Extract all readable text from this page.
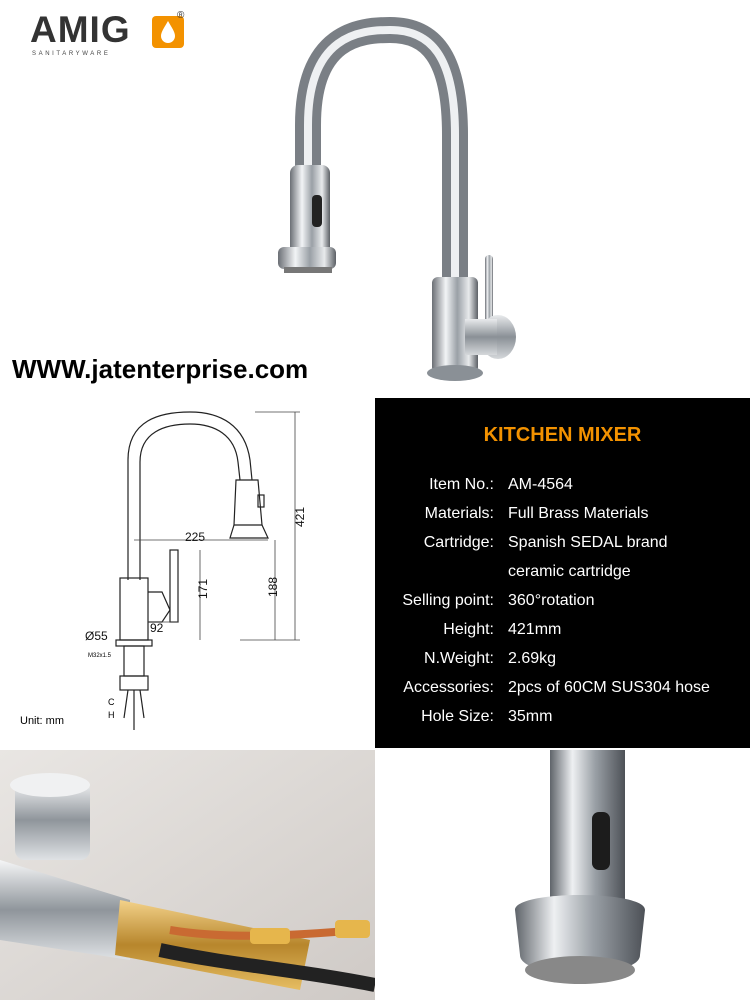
AMIG	®
SANITARYWARE
WWW.jatenterprise.com
421
225
188
171
92
Ø55
M32x1.5
C
H
Unit: mm
KITCHEN MIXER
Item No.: AM-4564
Materials: Full Brass Materials
Cartridge: Spanish SEDAL brand
ceramic cartridge
Selling point: 360°rotation
Height: 421mm
N.Weight: 2.69kg
Accessories: 2pcs of 60CM SUS304 hose
Hole Size: 35mm
